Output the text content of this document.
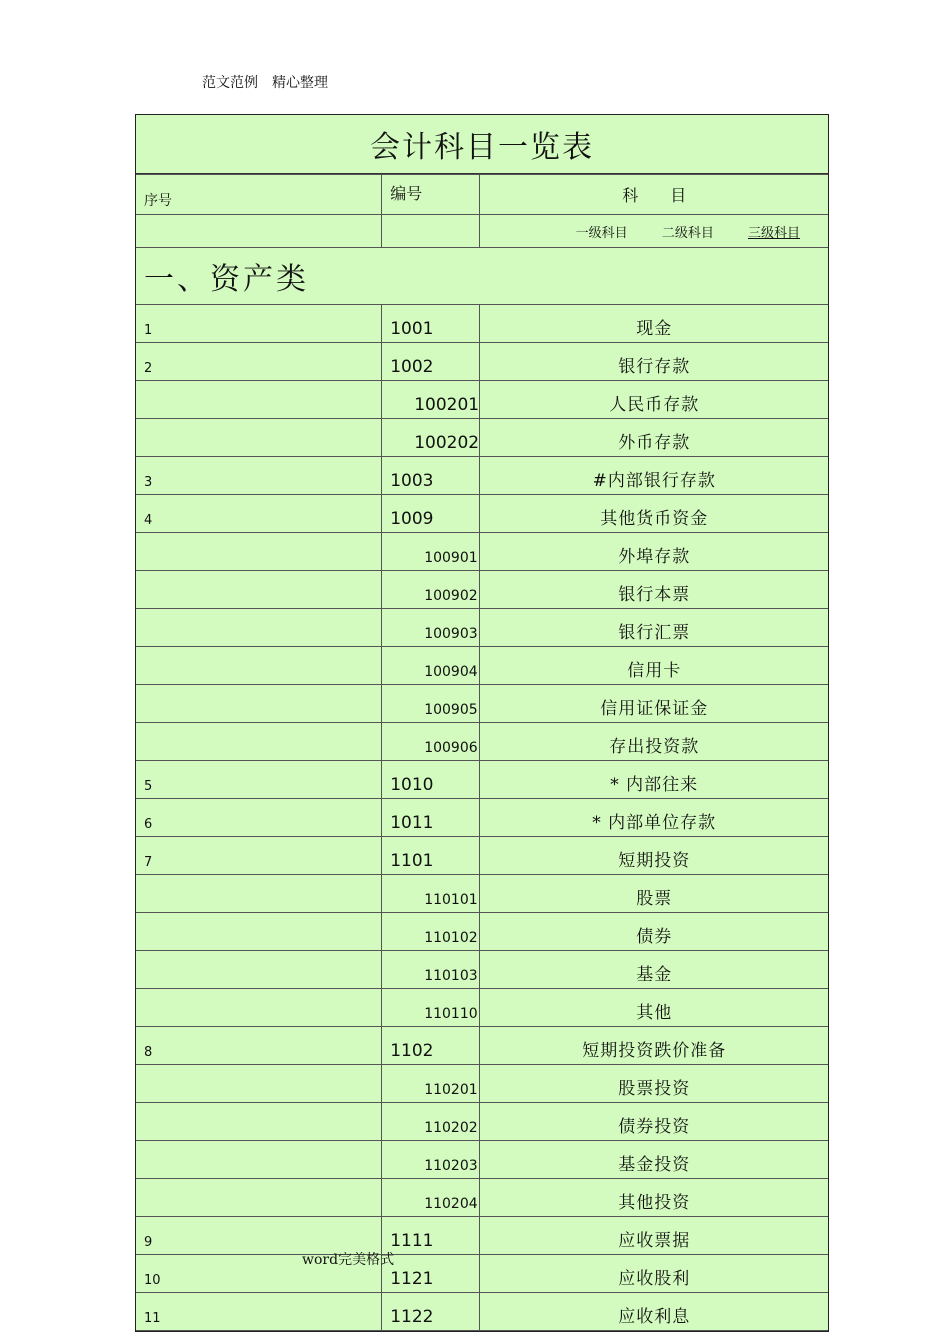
范文范例　精心整理
会计科目一览表
序号	编号	科　　目
		一级科目 二级科目 三级科目
一、资产类		
1	1001	现金
2	1002	银行存款
	100201	人民币存款
	100202	外币存款
3	1003	#内部银行存款
4	1009	其他货币资金
	100901	外埠存款
	100902	银行本票
	100903	银行汇票
	100904	信用卡
	100905	信用证保证金
	100906	存出投资款
5	1010	* 内部往来
6	1011	* 内部单位存款
7	1101	短期投资
	110101	股票
	110102	债券
	110103	基金
	110110	其他
8	1102	短期投资跌价准备
	110201	股票投资
	110202	债券投资
	110203	基金投资
	110204	其他投资
9	1111	应收票据
10	1121	应收股利
11	1122	应收利息
word完美格式
